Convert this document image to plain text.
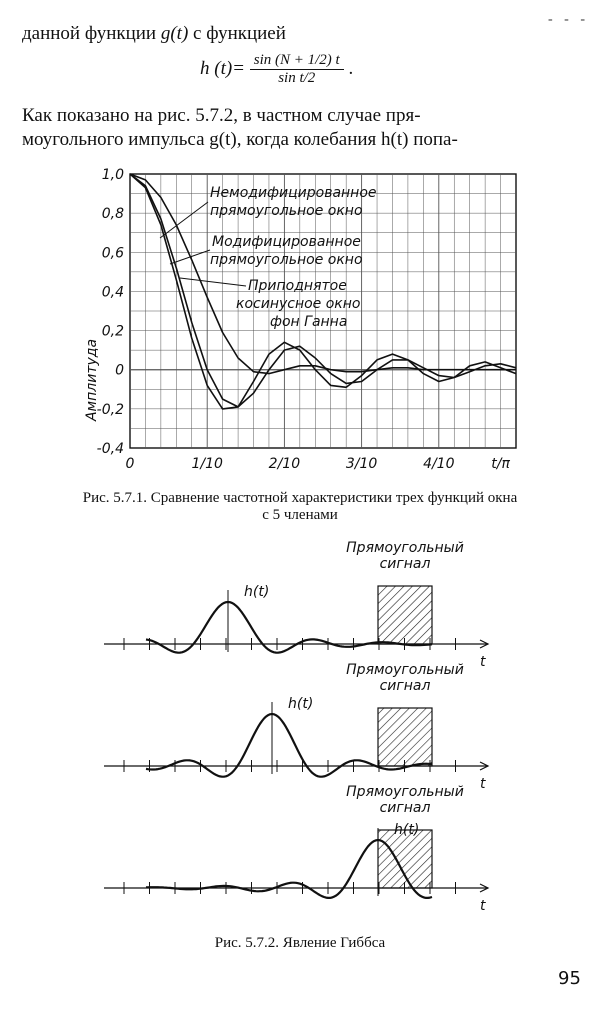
- - -
данной функции g(t) с функцией
h $(t)= \frac{\sin (N + 1/2) t}{\text{sin t/2}}$ .
Как показано на рис. 5.7.2, в частном случае пря-
моугольного импульса g(t), когда колебания h(t) попа-
1,0
0,8
0,6
0,4
0,2
0
-0,2
-0,4
0	1/10	2/10	3/10	4/10	t/π
Амплитуда
Немодифицированное
прямоугольное окно
Модифицированное
прямоугольное окно
Приподнятое
косинусное окно
фон Ганна
Рис. 5.7.1. Сравнение частотной характеристики трех функций окна
с 5 членами
Прямоугольный
сигнал
h(t)
t
Прямоугольный
сигнал
h(t)
t
Прямоугольный
сигнал
h(t)
t
Рис. 5.7.2. Явление Гиббса
95
